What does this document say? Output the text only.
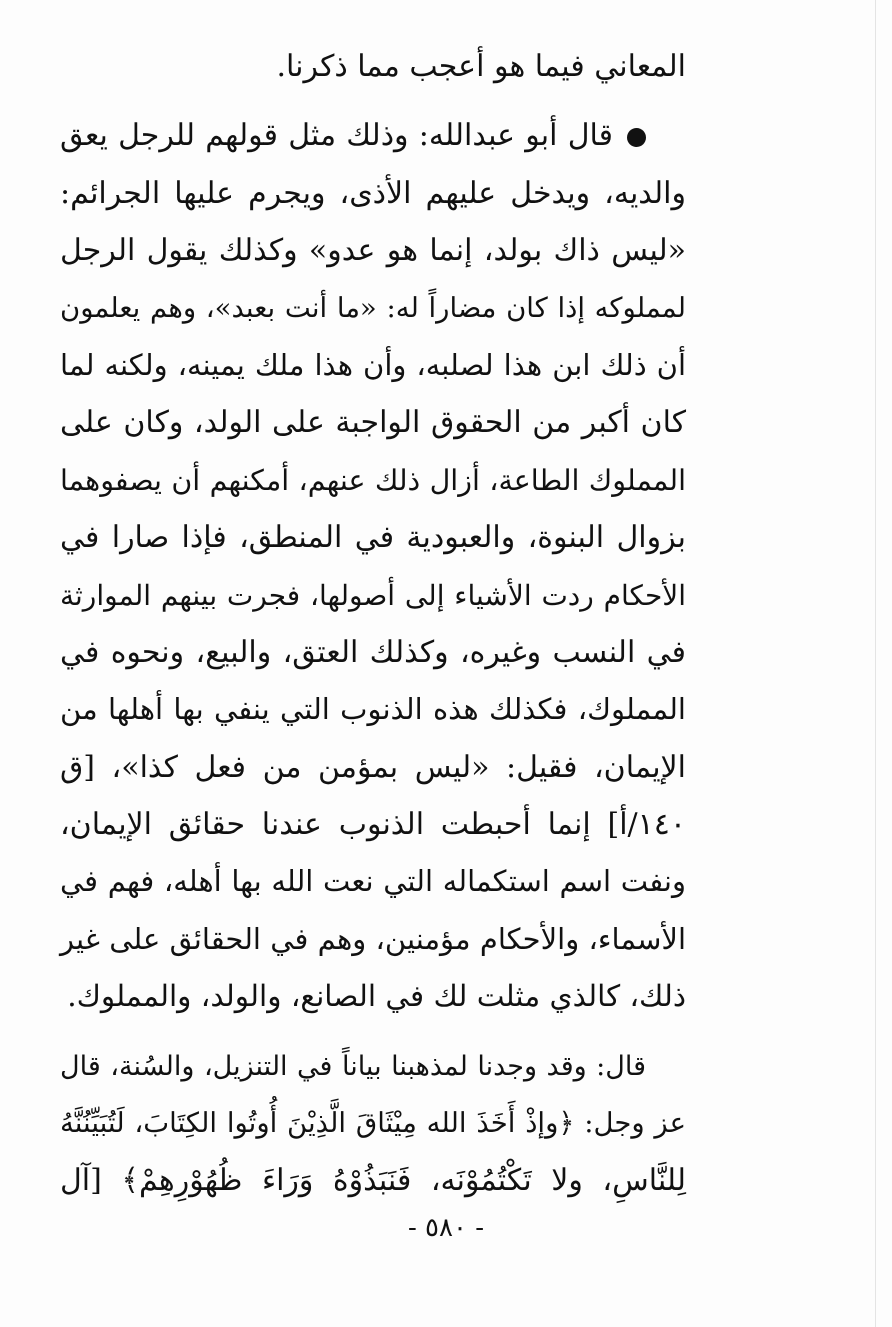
المعاني فيما هو أعجب مما ذكرنا.
قال أبو عبدالله: وذلك مثل قولهم للرجل يعق
والديه، ويدخل عليهم الأذى، ويجرم عليها الجرائم:
«ليس ذاك بولد، إنما هو عدو» وكذلك يقول الرجل
لمملوكه إذا كان مضاراً له: «ما أنت بعبد»، وهم يعلمون
أن ذلك ابن هذا لصلبه، وأن هذا ملك يمينه، ولكنه لما
كان أكبر من الحقوق الواجبة على الولد، وكان على
المملوك الطاعة، أزال ذلك عنهم، أمكنهم أن يصفوهما
بزوال البنوة، والعبودية في المنطق، فإذا صارا في
الأحكام ردت الأشياء إلى أصولها، فجرت بينهم الموارثة
في النسب وغيره، وكذلك العتق، والبيع، ونحوه في
المملوك، فكذلك هذه الذنوب التي ينفي بها أهلها من
الإيمان، فقيل: «ليس بمؤمن من فعل كذا»، [ق
١٤٠/أ] إنما أحبطت الذنوب عندنا حقائق الإيمان،
ونفت اسم استكماله التي نعت الله بها أهله، فهم في
الأسماء، والأحكام مؤمنين، وهم في الحقائق على غير
ذلك، كالذي مثلت لك في الصانع، والولد، والمملوك.
قال: وقد وجدنا لمذهبنا بياناً في التنزيل، والسُنة، قال
عز وجل: ﴿وإذْ أَخَذَ الله مِيْثَاقَ الَّذِيْنَ أُوتُوا الكِتَابَ، لَتُبَيِّنُنَّهُ
لِلنَّاسِ، ولا تَكْتُمُوْنَه، فَنَبَذُوْهُ وَرَاءَ ظُهُوْرِهِمْ﴾ [آل
- ٥٨٠ -
